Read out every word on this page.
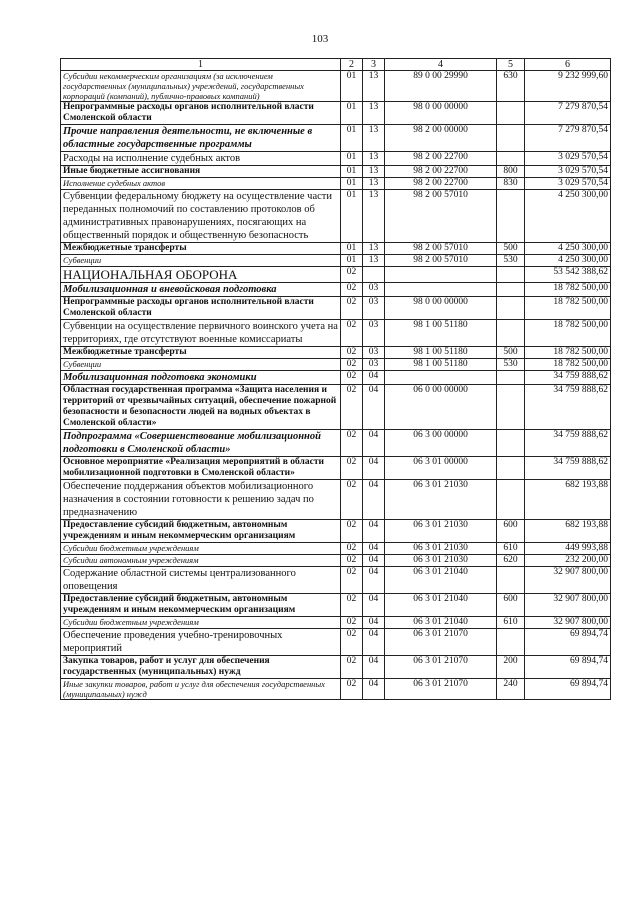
103
1	2	3	4	5	6
Субсидии некоммерческим организациям (за исключением государственных (муниципальных) учреждений, государственных корпораций (компаний), публично-правовых компаний)	01	13	89 0 00 29990	630	9 232 999,60
Непрограммные расходы органов исполнительной власти Смоленской области	01	13	98 0 00 00000		7 279 870,54
Прочие направления деятельности, не включенные в областные государственные программы	01	13	98 2 00 00000		7 279 870,54
Расходы на исполнение судебных актов	01	13	98 2 00 22700		3 029 570,54
Иные бюджетные ассигнования	01	13	98 2 00 22700	800	3 029 570,54
Исполнение судебных актов	01	13	98 2 00 22700	830	3 029 570,54
Субвенции федеральному бюджету на осуществление части переданных полномочий по составлению протоколов об административных правонарушениях, посягающих на общественный порядок и общественную безопасность	01	13	98 2 00 57010		4 250 300,00
Межбюджетные трансферты	01	13	98 2 00 57010	500	4 250 300,00
Субвенции	01	13	98 2 00 57010	530	4 250 300,00
НАЦИОНАЛЬНАЯ ОБОРОНА	02				53 542 388,62
Мобилизационная и вневойсковая подготовка	02	03			18 782 500,00
Непрограммные расходы органов исполнительной власти Смоленской области	02	03	98 0 00 00000		18 782 500,00
Субвенции на осуществление первичного воинского учета на территориях, где отсутствуют военные комиссариаты	02	03	98 1 00 51180		18 782 500,00
Межбюджетные трансферты	02	03	98 1 00 51180	500	18 782 500,00
Субвенции	02	03	98 1 00 51180	530	18 782 500,00
Мобилизационная подготовка экономики	02	04			34 759 888,62
Областная государственная программа «Защита населения и территорий от чрезвычайных ситуаций, обеспечение пожарной безопасности и безопасности людей на водных объектах в Смоленской области»	02	04	06 0 00 00000		34 759 888,62
Подпрограмма «Совершенствование мобилизационной подготовки в Смоленской области»	02	04	06 3 00 00000		34 759 888,62
Основное мероприятие «Реализация мероприятий в области мобилизационной подготовки в Смоленской области»	02	04	06 3 01 00000		34 759 888,62
Обеспечение поддержания объектов мобилизационного назначения в состоянии готовности к решению задач по предназначению	02	04	06 3 01 21030		682 193,88
Предоставление субсидий бюджетным, автономным учреждениям и иным некоммерческим организациям	02	04	06 3 01 21030	600	682 193,88
Субсидии бюджетным учреждениям	02	04	06 3 01 21030	610	449 993,88
Субсидии автономным учреждениям	02	04	06 3 01 21030	620	232 200,00
Содержание областной системы централизованного оповещения	02	04	06 3 01 21040		32 907 800,00
Предоставление субсидий бюджетным, автономным учреждениям и иным некоммерческим организациям	02	04	06 3 01 21040	600	32 907 800,00
Субсидии бюджетным учреждениям	02	04	06 3 01 21040	610	32 907 800,00
Обеспечение проведения учебно-тренировочных мероприятий	02	04	06 3 01 21070		69 894,74
Закупка товаров, работ и услуг для обеспечения государственных (муниципальных) нужд	02	04	06 3 01 21070	200	69 894,74
Иные закупки товаров, работ и услуг для обеспечения государственных (муниципальных) нужд	02	04	06 3 01 21070	240	69 894,74
